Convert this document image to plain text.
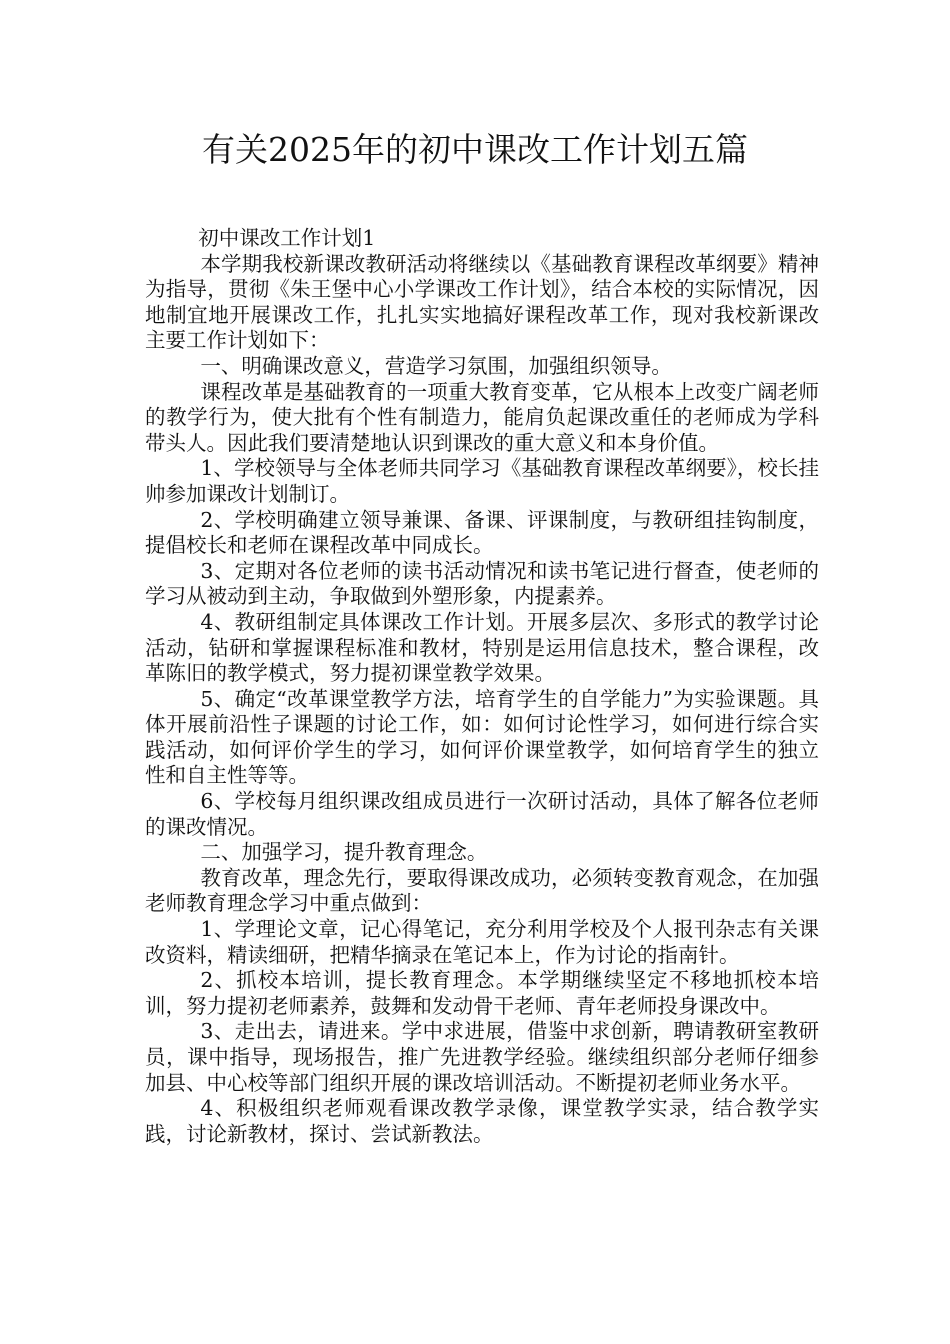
有关2025年的初中课改工作计划五篇

初中课改工作计划1

本学期我校新课改教研活动将继续以《基础教育课程改革纲要》精神为指导，贯彻《朱王堡中心小学课改工作计划》，结合本校的实际情况，因地制宜地开展课改工作，扎扎实实地搞好课程改革工作，现对我校新课改主要工作计划如下：

一、明确课改意义，营造学习氛围，加强组织领导。

课程改革是基础教育的一项重大教育变革，它从根本上改变广阔老师的教学行为，使大批有个性有制造力，能肩负起课改重任的老师成为学科带头人。因此我们要清楚地认识到课改的重大意义和本身价值。

1、学校领导与全体老师共同学习《基础教育课程改革纲要》，校长挂帅参加课改计划制订。

2、学校明确建立领导兼课、备课、评课制度，与教研组挂钩制度，提倡校长和老师在课程改革中同成长。

3、定期对各位老师的读书活动情况和读书笔记进行督查，使老师的学习从被动到主动，争取做到外塑形象，内提素养。

4、教研组制定具体课改工作计划。开展多层次、多形式的教学讨论活动，钻研和掌握课程标准和教材，特别是运用信息技术，整合课程，改革陈旧的教学模式，努力提初课堂教学效果。

5、确定“改革课堂教学方法，培育学生的自学能力”为实验课题。具体开展前沿性子课题的讨论工作，如：如何讨论性学习，如何进行综合实践活动，如何评价学生的学习，如何评价课堂教学，如何培育学生的独立性和自主性等等。

6、学校每月组织课改组成员进行一次研讨活动，具体了解各位老师的课改情况。

二、加强学习，提升教育理念。

教育改革，理念先行，要取得课改成功，必须转变教育观念，在加强老师教育理念学习中重点做到：

1、学理论文章，记心得笔记，充分利用学校及个人报刊杂志有关课改资料，精读细研，把精华摘录在笔记本上，作为讨论的指南针。

2、抓校本培训，提长教育理念。本学期继续坚定不移地抓校本培训，努力提初老师素养，鼓舞和发动骨干老师、青年老师投身课改中。

3、走出去，请进来。学中求进展，借鉴中求创新，聘请教研室教研员，课中指导，现场报告，推广先进教学经验。继续组织部分老师仔细参加县、中心校等部门组织开展的课改培训活动。不断提初老师业务水平。

4、积极组织老师观看课改教学录像，课堂教学实录，结合教学实践，讨论新教材，探讨、尝试新教法。
